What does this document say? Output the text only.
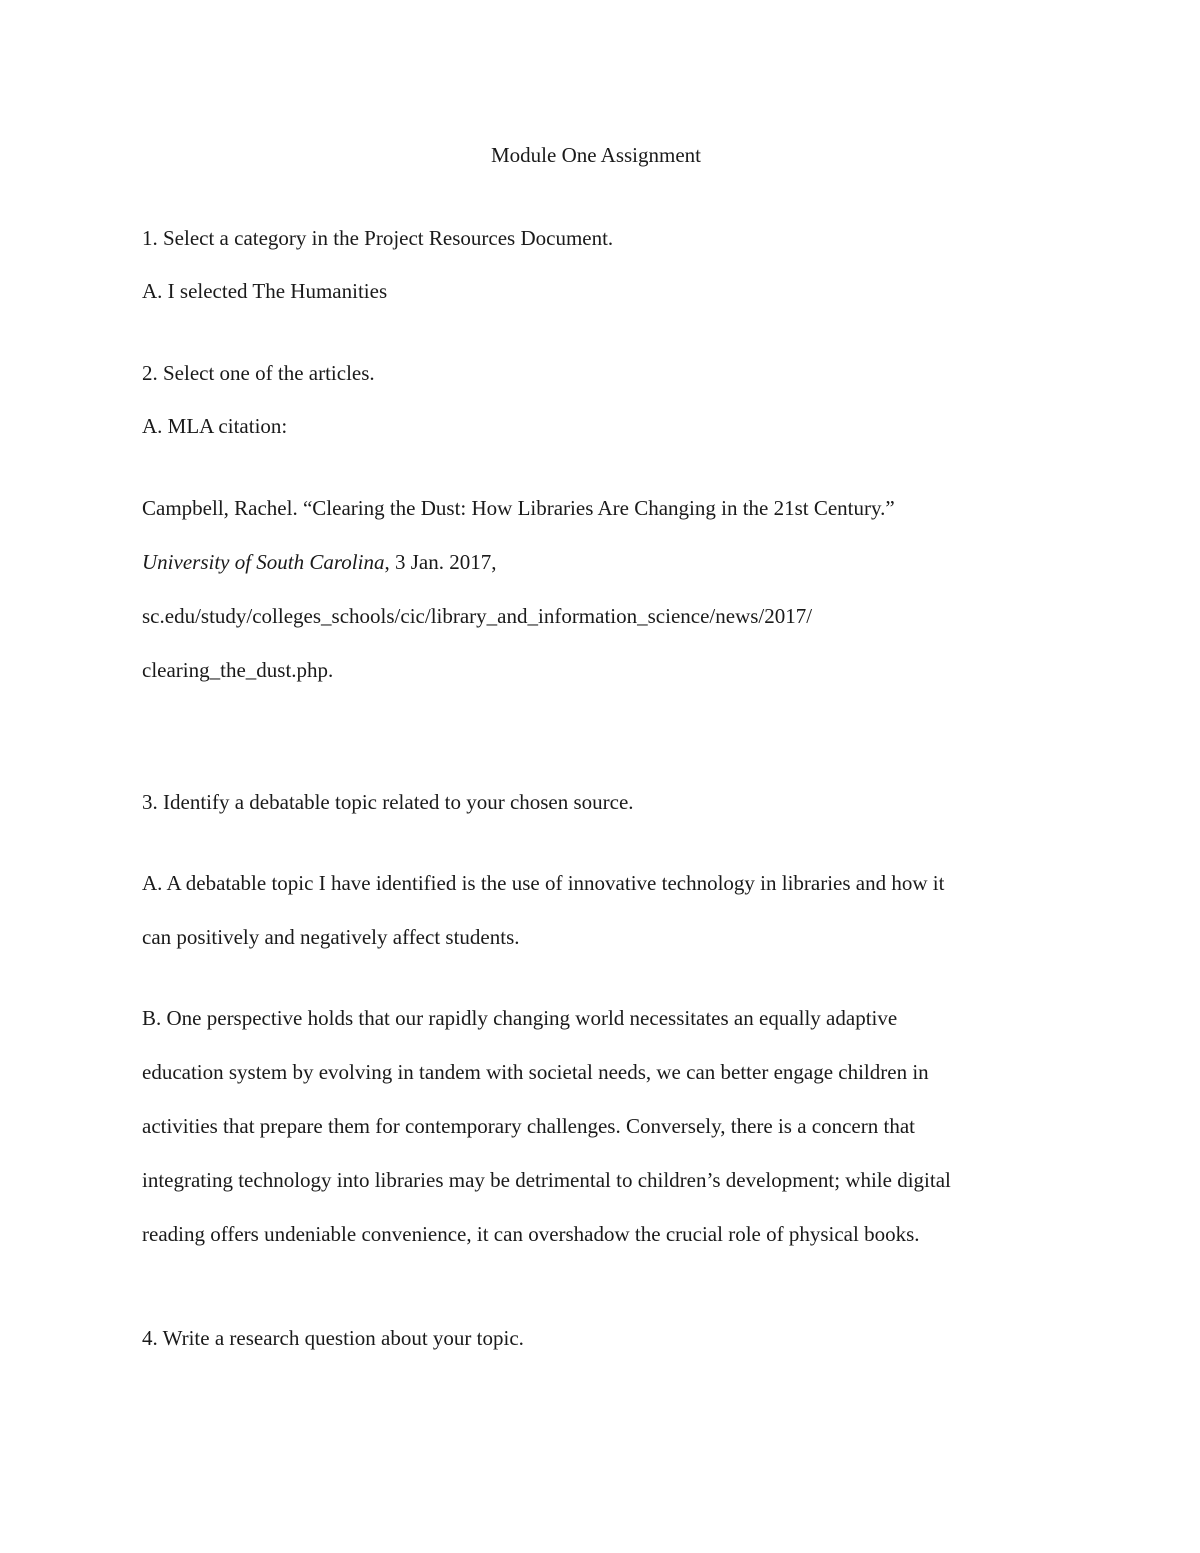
Module One Assignment
1. Select a category in the Project Resources Document.
A. I selected The Humanities
2. Select one of the articles.
A. MLA citation:
Campbell, Rachel. “Clearing the Dust: How Libraries Are Changing in the 21st Century.”
University of South Carolina, 3 Jan. 2017,
sc.edu/study/colleges_schools/cic/library_and_information_science/news/2017/
clearing_the_dust.php.
3. Identify a debatable topic related to your chosen source.
A. A debatable topic I have identified is the use of innovative technology in libraries and how it
can positively and negatively affect students.
B. One perspective holds that our rapidly changing world necessitates an equally adaptive
education system by evolving in tandem with societal needs, we can better engage children in
activities that prepare them for contemporary challenges. Conversely, there is a concern that
integrating technology into libraries may be detrimental to children’s development; while digital
reading offers undeniable convenience, it can overshadow the crucial role of physical books.
4. Write a research question about your topic.
